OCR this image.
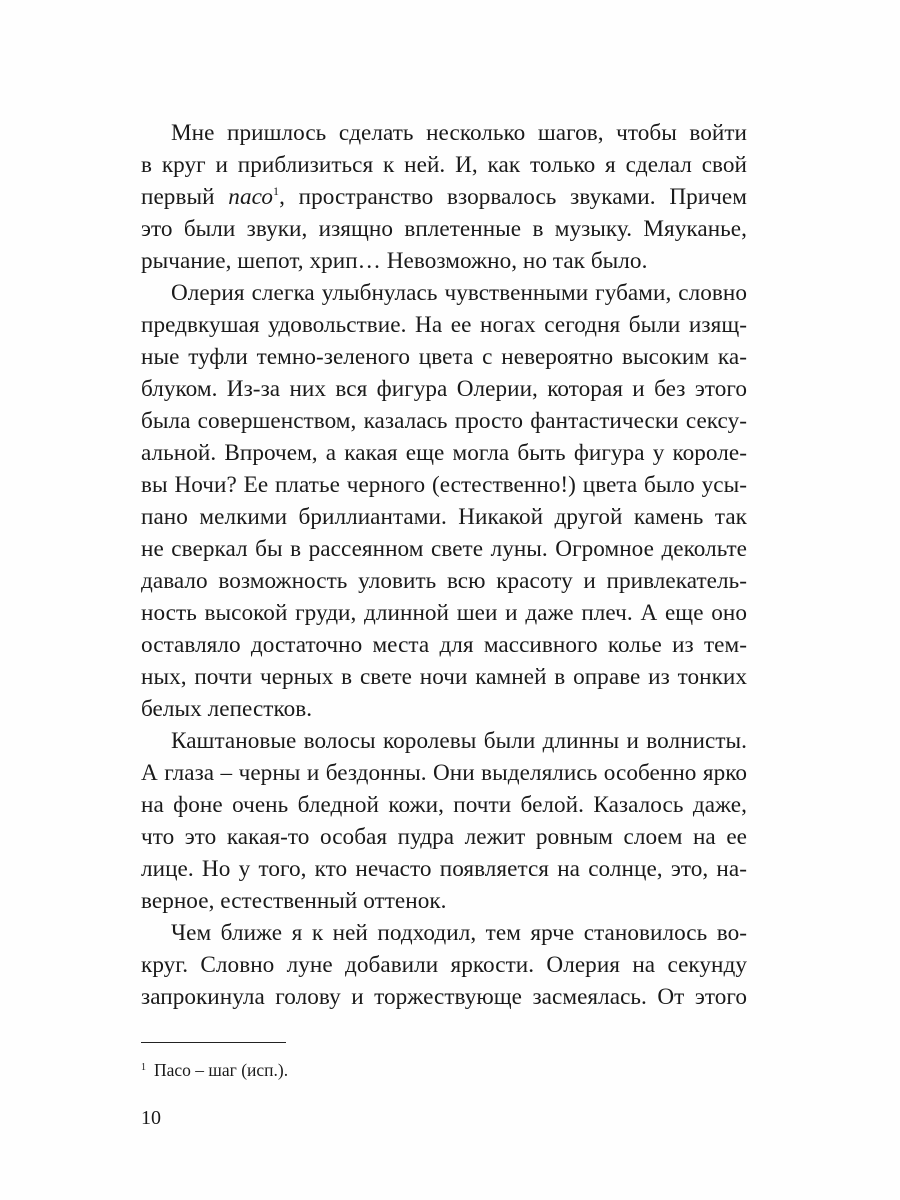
Мне пришлось сделать несколько шагов, чтобы войти
в круг и приблизиться к ней. И, как только я сделал свой
первый пасо$^1$, пространство взорвалось звуками. Причем
это были звуки, изящно вплетенные в музыку. Мяуканье,
рычание, шепот, хрип… Невозможно, но так было.
Олерия слегка улыбнулась чувственными губами, словно
предвкушая удовольствие. На ее ногах сегодня были изящ-
ные туфли темно-зеленого цвета с невероятно высоким ка-
блуком. Из-за них вся фигура Олерии, которая и без этого
была совершенством, казалась просто фантастически сексу-
альной. Впрочем, а какая еще могла быть фигура у короле-
вы Ночи? Ее платье черного (естественно!) цвета было усы-
пано мелкими бриллиантами. Никакой другой камень так
не сверкал бы в рассеянном свете луны. Огромное декольте
давало возможность уловить всю красоту и привлекатель-
ность высокой груди, длинной шеи и даже плеч. А еще оно
оставляло достаточно места для массивного колье из тем-
ных, почти черных в свете ночи камней в оправе из тонких
белых лепестков.
Каштановые волосы королевы были длинны и волнисты.
А глаза – черны и бездонны. Они выделялись особенно ярко
на фоне очень бледной кожи, почти белой. Казалось даже,
что это какая-то особая пудра лежит ровным слоем на ее
лице. Но у того, кто нечасто появляется на солнце, это, на-
верное, естественный оттенок.
Чем ближе я к ней подходил, тем ярче становилось во-
круг. Словно луне добавили яркости. Олерия на секунду
запрокинула голову и торжествующе засмеялась. От этого
$^1$ Пасо – шаг (исп.).
10
